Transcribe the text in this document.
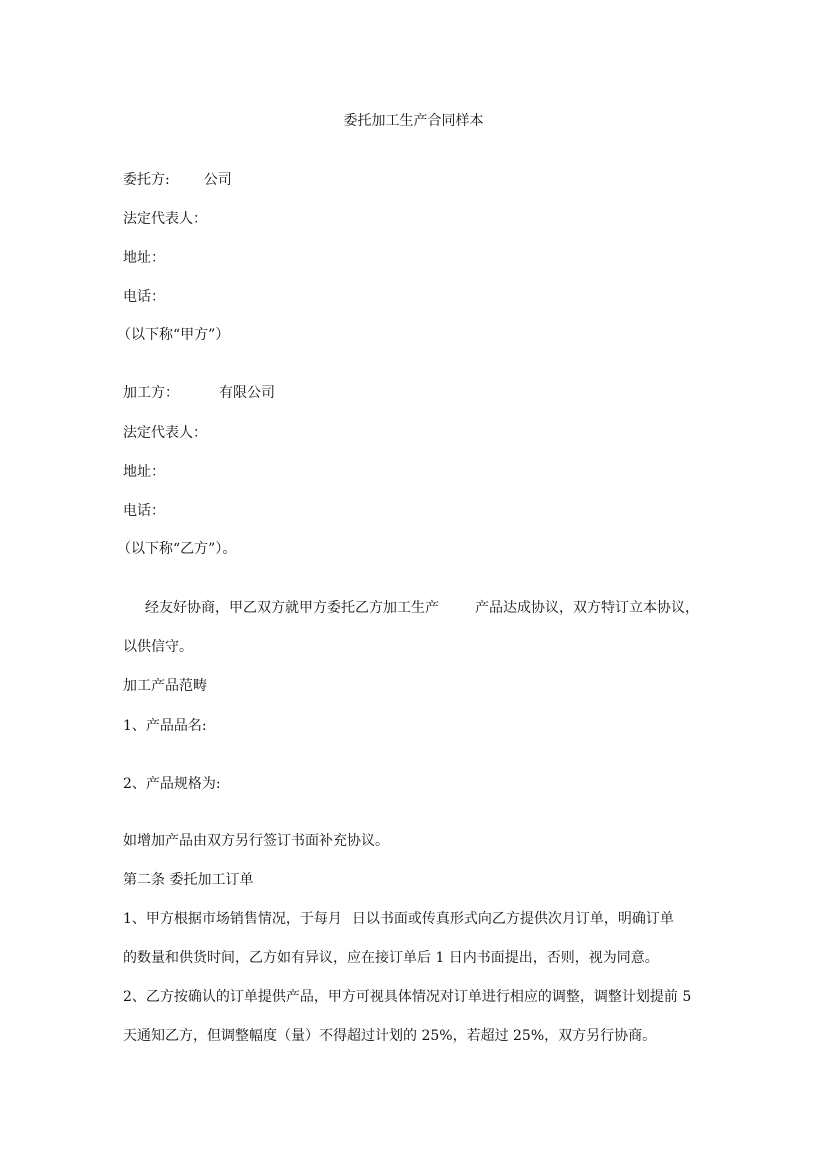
委托加工生产合同样本
委托方: 公司
法定代表人：
地址：
电话：
（以下称“甲方”）
加工方：	有限公司
法定代表人：
地址：
电话：
（以下称“乙方”）。
经友好协商，甲乙双方就甲方委托乙方加工生产	产品达成协议，双方特订立本协议，
以供信守。
加工产品范畴
1、产品品名:
2、产品规格为:
如增加产品由双方另行签订书面补充协议。
第二条 委托加工订单
1、甲方根据市场销售情况，于每月 日以书面或传真形式向乙方提供次月订单，明确订单
的数量和供货时间，乙方如有异议，应在接订单后 1 日内书面提出，否则，视为同意。
2、乙方按确认的订单提供产品，甲方可视具体情况对订单进行相应的调整，调整计划提前 5
天通知乙方，但调整幅度（量）不得超过计划的 25%，若超过 25%，双方另行协商。
